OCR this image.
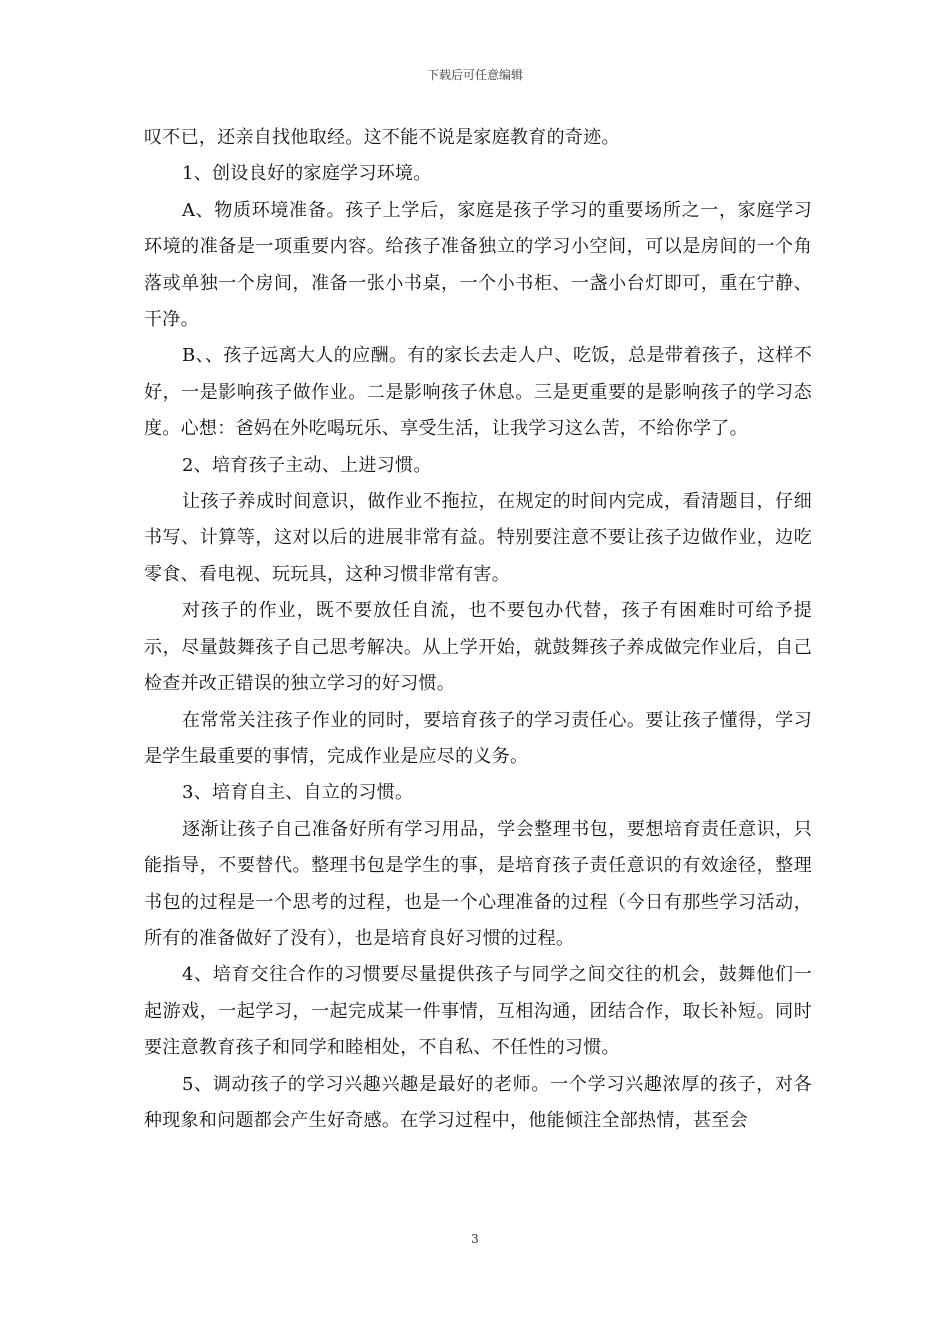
下载后可任意编辑

叹不已，还亲自找他取经。这不能不说是家庭教育的奇迹。

1、创设良好的家庭学习环境。

A、物质环境准备。孩子上学后，家庭是孩子学习的重要场所之一，家庭学习环境的准备是一项重要内容。给孩子准备独立的学习小空间，可以是房间的一个角落或单独一个房间，准备一张小书桌，一个小书柜、一盏小台灯即可，重在宁静、干净。

B、、孩子远离大人的应酬。有的家长去走人户、吃饭，总是带着孩子，这样不好，一是影响孩子做作业。二是影响孩子休息。三是更重要的是影响孩子的学习态度。心想：爸妈在外吃喝玩乐、享受生活，让我学习这么苦，不给你学了。

2、培育孩子主动、上进习惯。

让孩子养成时间意识，做作业不拖拉，在规定的时间内完成，看清题目，仔细书写、计算等，这对以后的进展非常有益。特别要注意不要让孩子边做作业，边吃零食、看电视、玩玩具，这种习惯非常有害。

对孩子的作业，既不要放任自流，也不要包办代替，孩子有困难时可给予提示，尽量鼓舞孩子自己思考解决。从上学开始，就鼓舞孩子养成做完作业后，自己检查并改正错误的独立学习的好习惯。

在常常关注孩子作业的同时，要培育孩子的学习责任心。要让孩子懂得，学习是学生最重要的事情，完成作业是应尽的义务。

3、培育自主、自立的习惯。

逐渐让孩子自己准备好所有学习用品，学会整理书包，要想培育责任意识，只能指导，不要替代。整理书包是学生的事，是培育孩子责任意识的有效途径，整理书包的过程是一个思考的过程，也是一个心理准备的过程（今日有那些学习活动，所有的准备做好了没有），也是培育良好习惯的过程。

4、培育交往合作的习惯要尽量提供孩子与同学之间交往的机会，鼓舞他们一起游戏，一起学习，一起完成某一件事情，互相沟通，团结合作，取长补短。同时要注意教育孩子和同学和睦相处，不自私、不任性的习惯。

5、调动孩子的学习兴趣兴趣是最好的老师。一个学习兴趣浓厚的孩子，对各种现象和问题都会产生好奇感。在学习过程中，他能倾注全部热情，甚至会

3
